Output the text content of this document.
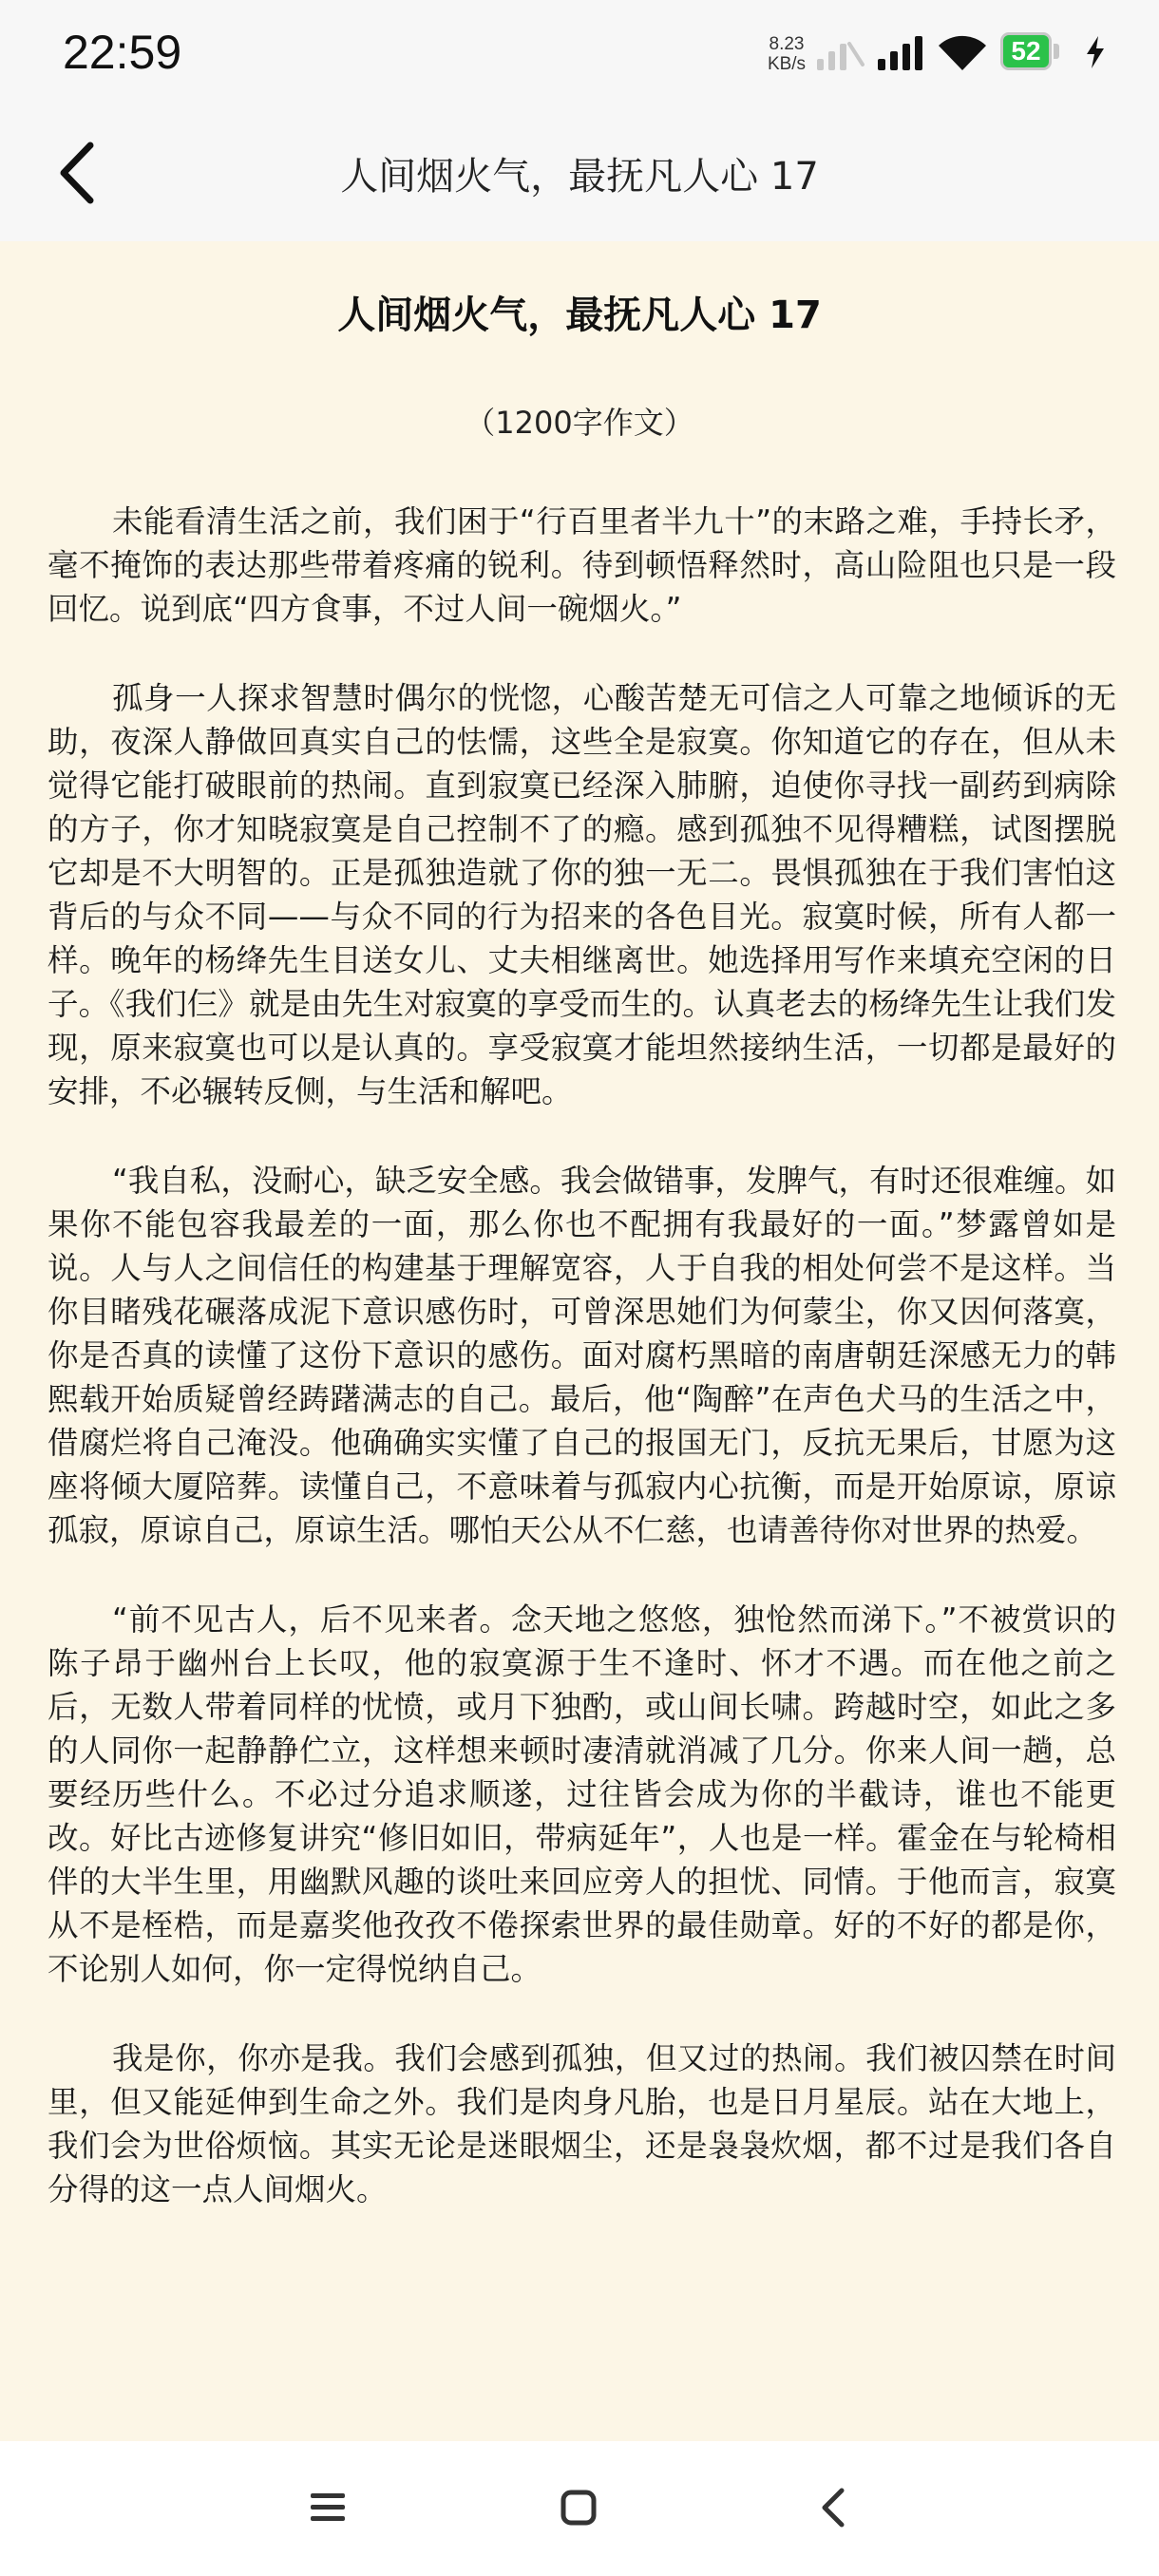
22:59	8.23
KB/s	52
人间烟火气，最抚凡人心 17
人间烟火气，最抚凡人心 17
（1200字作文）

未能看清生活之前，我们困于“行百里者半九十”的末路之难，手持长矛，毫不掩饰的表达那些带着疼痛的锐利。待到顿悟释然时，高山险阻也只是一段回忆。说到底“四方食事，不过人间一碗烟火。”

孤身一人探求智慧时偶尔的恍惚，心酸苦楚无可信之人可靠之地倾诉的无助，夜深人静做回真实自己的怯懦，这些全是寂寞。你知道它的存在，但从未觉得它能打破眼前的热闹。直到寂寞已经深入肺腑，迫使你寻找一副药到病除的方子，你才知晓寂寞是自己控制不了的瘾。感到孤独不见得糟糕，试图摆脱它却是不大明智的。正是孤独造就了你的独一无二。畏惧孤独在于我们害怕这背后的与众不同——与众不同的行为招来的各色目光。寂寞时候，所有人都一样。晚年的杨绛先生目送女儿、丈夫相继离世。她选择用写作来填充空闲的日子。《我们仨》就是由先生对寂寞的享受而生的。认真老去的杨绛先生让我们发现，原来寂寞也可以是认真的。享受寂寞才能坦然接纳生活，一切都是最好的安排，不必辗转反侧，与生活和解吧。

“我自私，没耐心，缺乏安全感。我会做错事，发脾气，有时还很难缠。如果你不能包容我最差的一面，那么你也不配拥有我最好的一面。”梦露曾如是说。人与人之间信任的构建基于理解宽容，人于自我的相处何尝不是这样。当你目睹残花碾落成泥下意识感伤时，可曾深思她们为何蒙尘，你又因何落寞，你是否真的读懂了这份下意识的感伤。面对腐朽黑暗的南唐朝廷深感无力的韩熙载开始质疑曾经踌躇满志的自己。最后，他“陶醉”在声色犬马的生活之中，借腐烂将自己淹没。他确确实实懂了自己的报国无门，反抗无果后，甘愿为这座将倾大厦陪葬。读懂自己，不意味着与孤寂内心抗衡，而是开始原谅，原谅孤寂，原谅自己，原谅生活。哪怕天公从不仁慈，也请善待你对世界的热爱。

“前不见古人，后不见来者。念天地之悠悠，独怆然而涕下。”不被赏识的陈子昂于幽州台上长叹，他的寂寞源于生不逢时、怀才不遇。而在他之前之后，无数人带着同样的忧愤，或月下独酌，或山间长啸。跨越时空，如此之多的人同你一起静静伫立，这样想来顿时凄清就消减了几分。你来人间一趟，总要经历些什么。不必过分追求顺遂，过往皆会成为你的半截诗，谁也不能更改。好比古迹修复讲究“修旧如旧，带病延年”，人也是一样。霍金在与轮椅相伴的大半生里，用幽默风趣的谈吐来回应旁人的担忧、同情。于他而言，寂寞从不是桎梏，而是嘉奖他孜孜不倦探索世界的最佳勋章。好的不好的都是你，不论别人如何，你一定得悦纳自己。

我是你，你亦是我。我们会感到孤独，但又过的热闹。我们被囚禁在时间里，但又能延伸到生命之外。我们是肉身凡胎，也是日月星辰。站在大地上，我们会为世俗烦恼。其实无论是迷眼烟尘，还是袅袅炊烟，都不过是我们各自分得的这一点人间烟火。
